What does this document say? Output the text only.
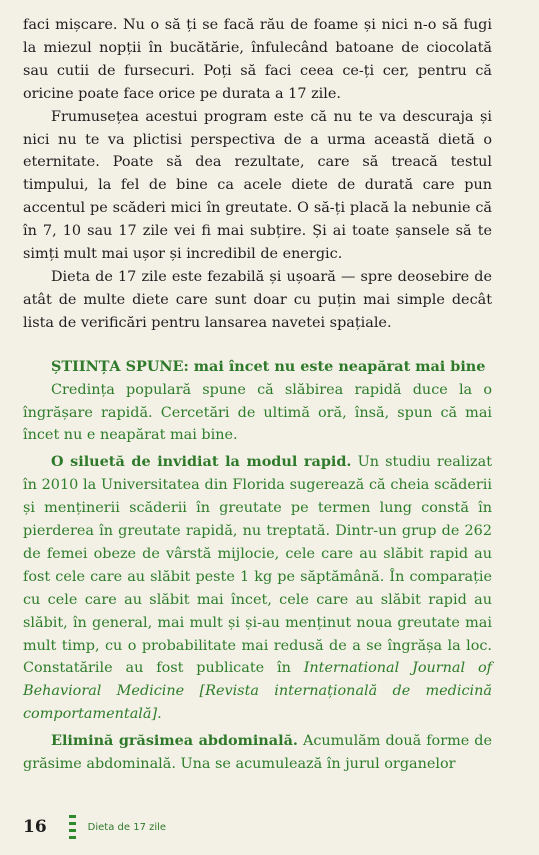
faci mișcare. Nu o să ți se facă rău de foame și nici n-o să fugi la miezul nopții în bucătărie, înfulecând batoane de ciocolată sau cutii de fursecuri. Poți să faci ceea ce-ți cer, pentru că oricine poate face orice pe durata a 17 zile.

Frumusețea acestui program este că nu te va descuraja și nici nu te va plictisi perspectiva de a urma această dietă o eternitate. Poate să dea rezultate, care să treacă testul timpului, la fel de bine ca acele diete de durată care pun accentul pe scăderi mici în greutate. O să-ți placă la nebunie că în 7, 10 sau 17 zile vei fi mai subțire. Și ai toate șansele să te simți mult mai ușor și incredibil de energic.

Dieta de 17 zile este fezabilă și ușoară — spre deosebire de atât de multe diete care sunt doar cu puțin mai simple decât lista de verificări pentru lansarea navetei spațiale.

ȘTIINȚA SPUNE: mai încet nu este neapărat mai bine

Credința populară spune că slăbirea rapidă duce la o îngrășare rapidă. Cercetări de ultimă oră, însă, spun că mai încet nu e neapărat mai bine.

O siluetă de invidiat la modul rapid. Un studiu realizat în 2010 la Universitatea din Florida sugerează că cheia scăderii și menținerii scăderii în greutate pe termen lung constă în pierderea în greutate rapidă, nu treptată. Dintr-un grup de 262 de femei obeze de vârstă mijlocie, cele care au slăbit rapid au fost cele care au slăbit peste 1 kg pe săptămână. În comparație cu cele care au slăbit mai încet, cele care au slăbit rapid au slăbit, în general, mai mult și și-au menținut noua greutate mai mult timp, cu o probabilitate mai redusă de a se îngrășa la loc. Constatările au fost publicate în International Journal of Behavioral Medicine [Revista internațională de medicină comportamentală].

Elimină grăsimea abdominală. Acumulăm două forme de grăsime abdominală. Una se acumulează în jurul organelor

16	Dieta de 17 zile
